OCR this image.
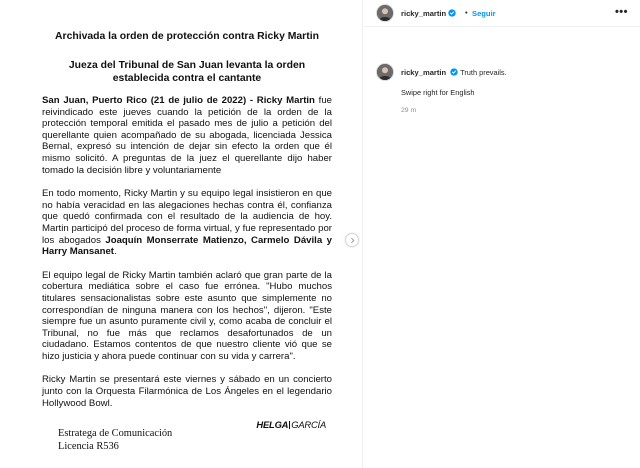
Archivada la orden de protección contra Ricky Martin
Jueza del Tribunal de San Juan levanta la orden establecida contra el cantante

San Juan, Puerto Rico (21 de julio de 2022) - Ricky Martin fue reivindicado este jueves cuando la petición de la orden de la protección temporal emitida el pasado mes de julio a petición del querellante quien acompañado de su abogada, licenciada Jessica Bernal, expresó su intención de dejar sin efecto la orden que él mismo solicitó. A preguntas de la juez el querellante dijo haber tomado la decisión libre y voluntariamente

En todo momento, Ricky Martin y su equipo legal insistieron en que no había veracidad en las alegaciones hechas contra él, confianza que quedó confirmada con el resultado de la audiencia de hoy. Martin participó del proceso de forma virtual, y fue representado por los abogados Joaquín Monserrate Matienzo, Carmelo Dávila y Harry Mansanet.

El equipo legal de Ricky Martin también aclaró que gran parte de la cobertura mediática sobre el caso fue errónea. "Hubo muchos titulares sensacionalistas sobre este asunto que simplemente no correspondían de ninguna manera con los hechos", dijeron. "Este siempre fue un asunto puramente civil y, como acaba de concluir el Tribunal, no fue más que reclamos desafortunados de un ciudadano. Estamos contentos de que nuestro cliente vió que se hizo justicia y ahora puede continuar con su vida y carrera".

Ricky Martin se presentará este viernes y sábado en un concierto junto con la Orquesta Filarmónica de Los Ángeles en el legendario Hollywood Bowl.

Estratega de Comunicación
Licencia R536
HELGA GARCÍA
ricky_martin	• Seguir	•••
ricky_martin Truth prevails.
Swipe right for English
29 m
